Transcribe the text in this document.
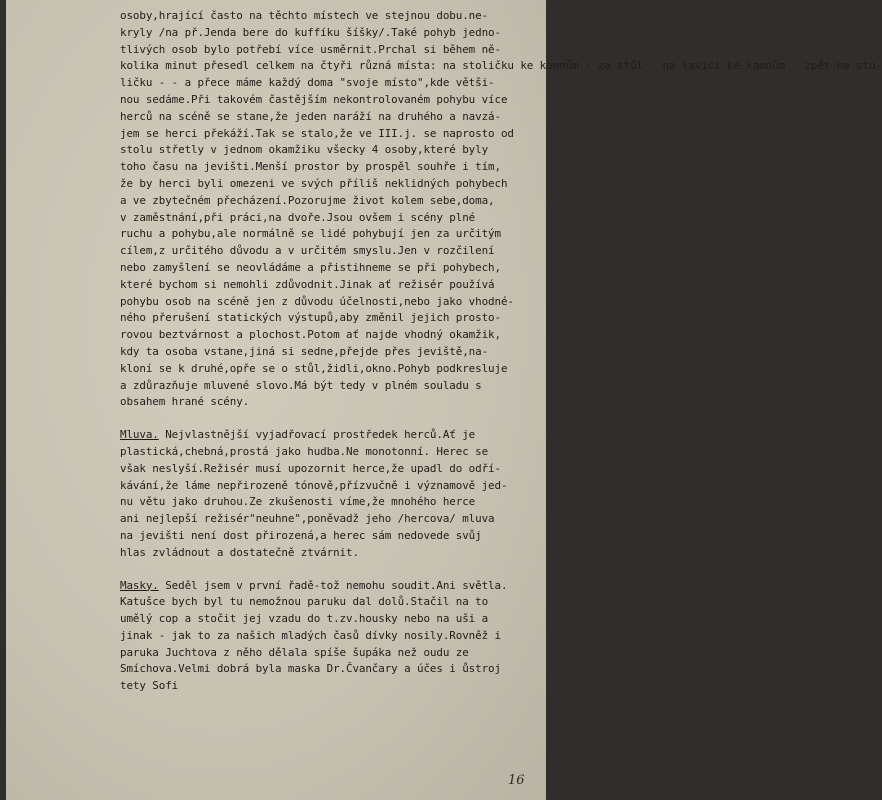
osoby,hrající často na těchto místech ve stejnou dobu.ne-
kryly /na př.Jenda bere do kuffíku šíšky/.Také pohyb jedno-
tlivých osob bylo potřebí více usměrnit.Prchal si během ně-
kolika minut přesedl celkem na čtyři různá místa: na stoličku ke kamnům - za stůl - na lavici ke kamnům - zpět na sto-
ličku - - a přece máme každý doma "svoje místo",kde větši-
nou sedáme.Při takovém častějším nekontrolovaném pohybu více
herců na scéně se stane,že jeden naráží na druhého a navzá-
jem se herci překáží.Tak se stalo,že ve III.j. se naprosto od
stolu střetly v jednom okamžiku všecky 4 osoby,které byly
toho času na jevišti.Menší prostor by prospěl souhře i tím,
že by herci byli omezeni ve svých příliš neklidných pohybech
a ve zbytečném přecházení.Pozorujme život kolem sebe,doma,
v zaměstnání,při práci,na dvoře.Jsou ovšem i scény plné
ruchu a pohybu,ale normálně se lidé pohybují jen za určitým
cílem,z určitého důvodu a v určitém smyslu.Jen v rozčilení
nebo zamyšlení se neovládáme a přistihneme se při pohybech,
které bychom si nemohli zdůvodnit.Jinak ať režisér používá
pohybu osob na scéně jen z důvodu účelnosti,nebo jako vhodné-
ného přerušení statických výstupů,aby změnil jejich prosto-
rovou beztvárnost a plochost.Potom ať najde vhodný okamžik,
kdy ta osoba vstane,jiná si sedne,přejde přes jeviště,na-
kloní se k druhé,opře se o stůl,židli,okno.Pohyb podkresluje
a zdůrazňuje mluvené slovo.Má být tedy v plném souladu s
obsahem hrané scény.
Mluva. Nejvlastnější vyjadřovací prostředek herců.Ať je
plastická,chebná,prostá jako hudba.Ne monotonní. Herec se
však neslyší.Režisér musí upozornit herce,že upadl do odří-
kávání,že láme nepřirozeně tónově,přízvučně i významově jed-
nu větu jako druhou.Ze zkušenosti víme,že mnohého herce
ani nejlepší režisér"neuhne",poněvadž jeho /hercova/ mluva
na jevišti není dost přirozená,a herec sám nedovede svůj
hlas zvládnout a dostatečně ztvárnit.
Masky. Seděl jsem v první řadě-tož nemohu soudit.Ani světla.
Katušce bych byl tu nemožnou paruku dal dolů.Stačil na to
umělý cop a stočit jej vzadu do t.zv.housky nebo na uši a
jinak - jak to za našich mladých časů dívky nosily.Rovněž i
paruka Juchtova z něho dělala spíše šupáka než oudu ze
Smíchova.Velmi dobrá byla maska Dr.Čvančary a účes i ůstroj
tety Sofi
16
